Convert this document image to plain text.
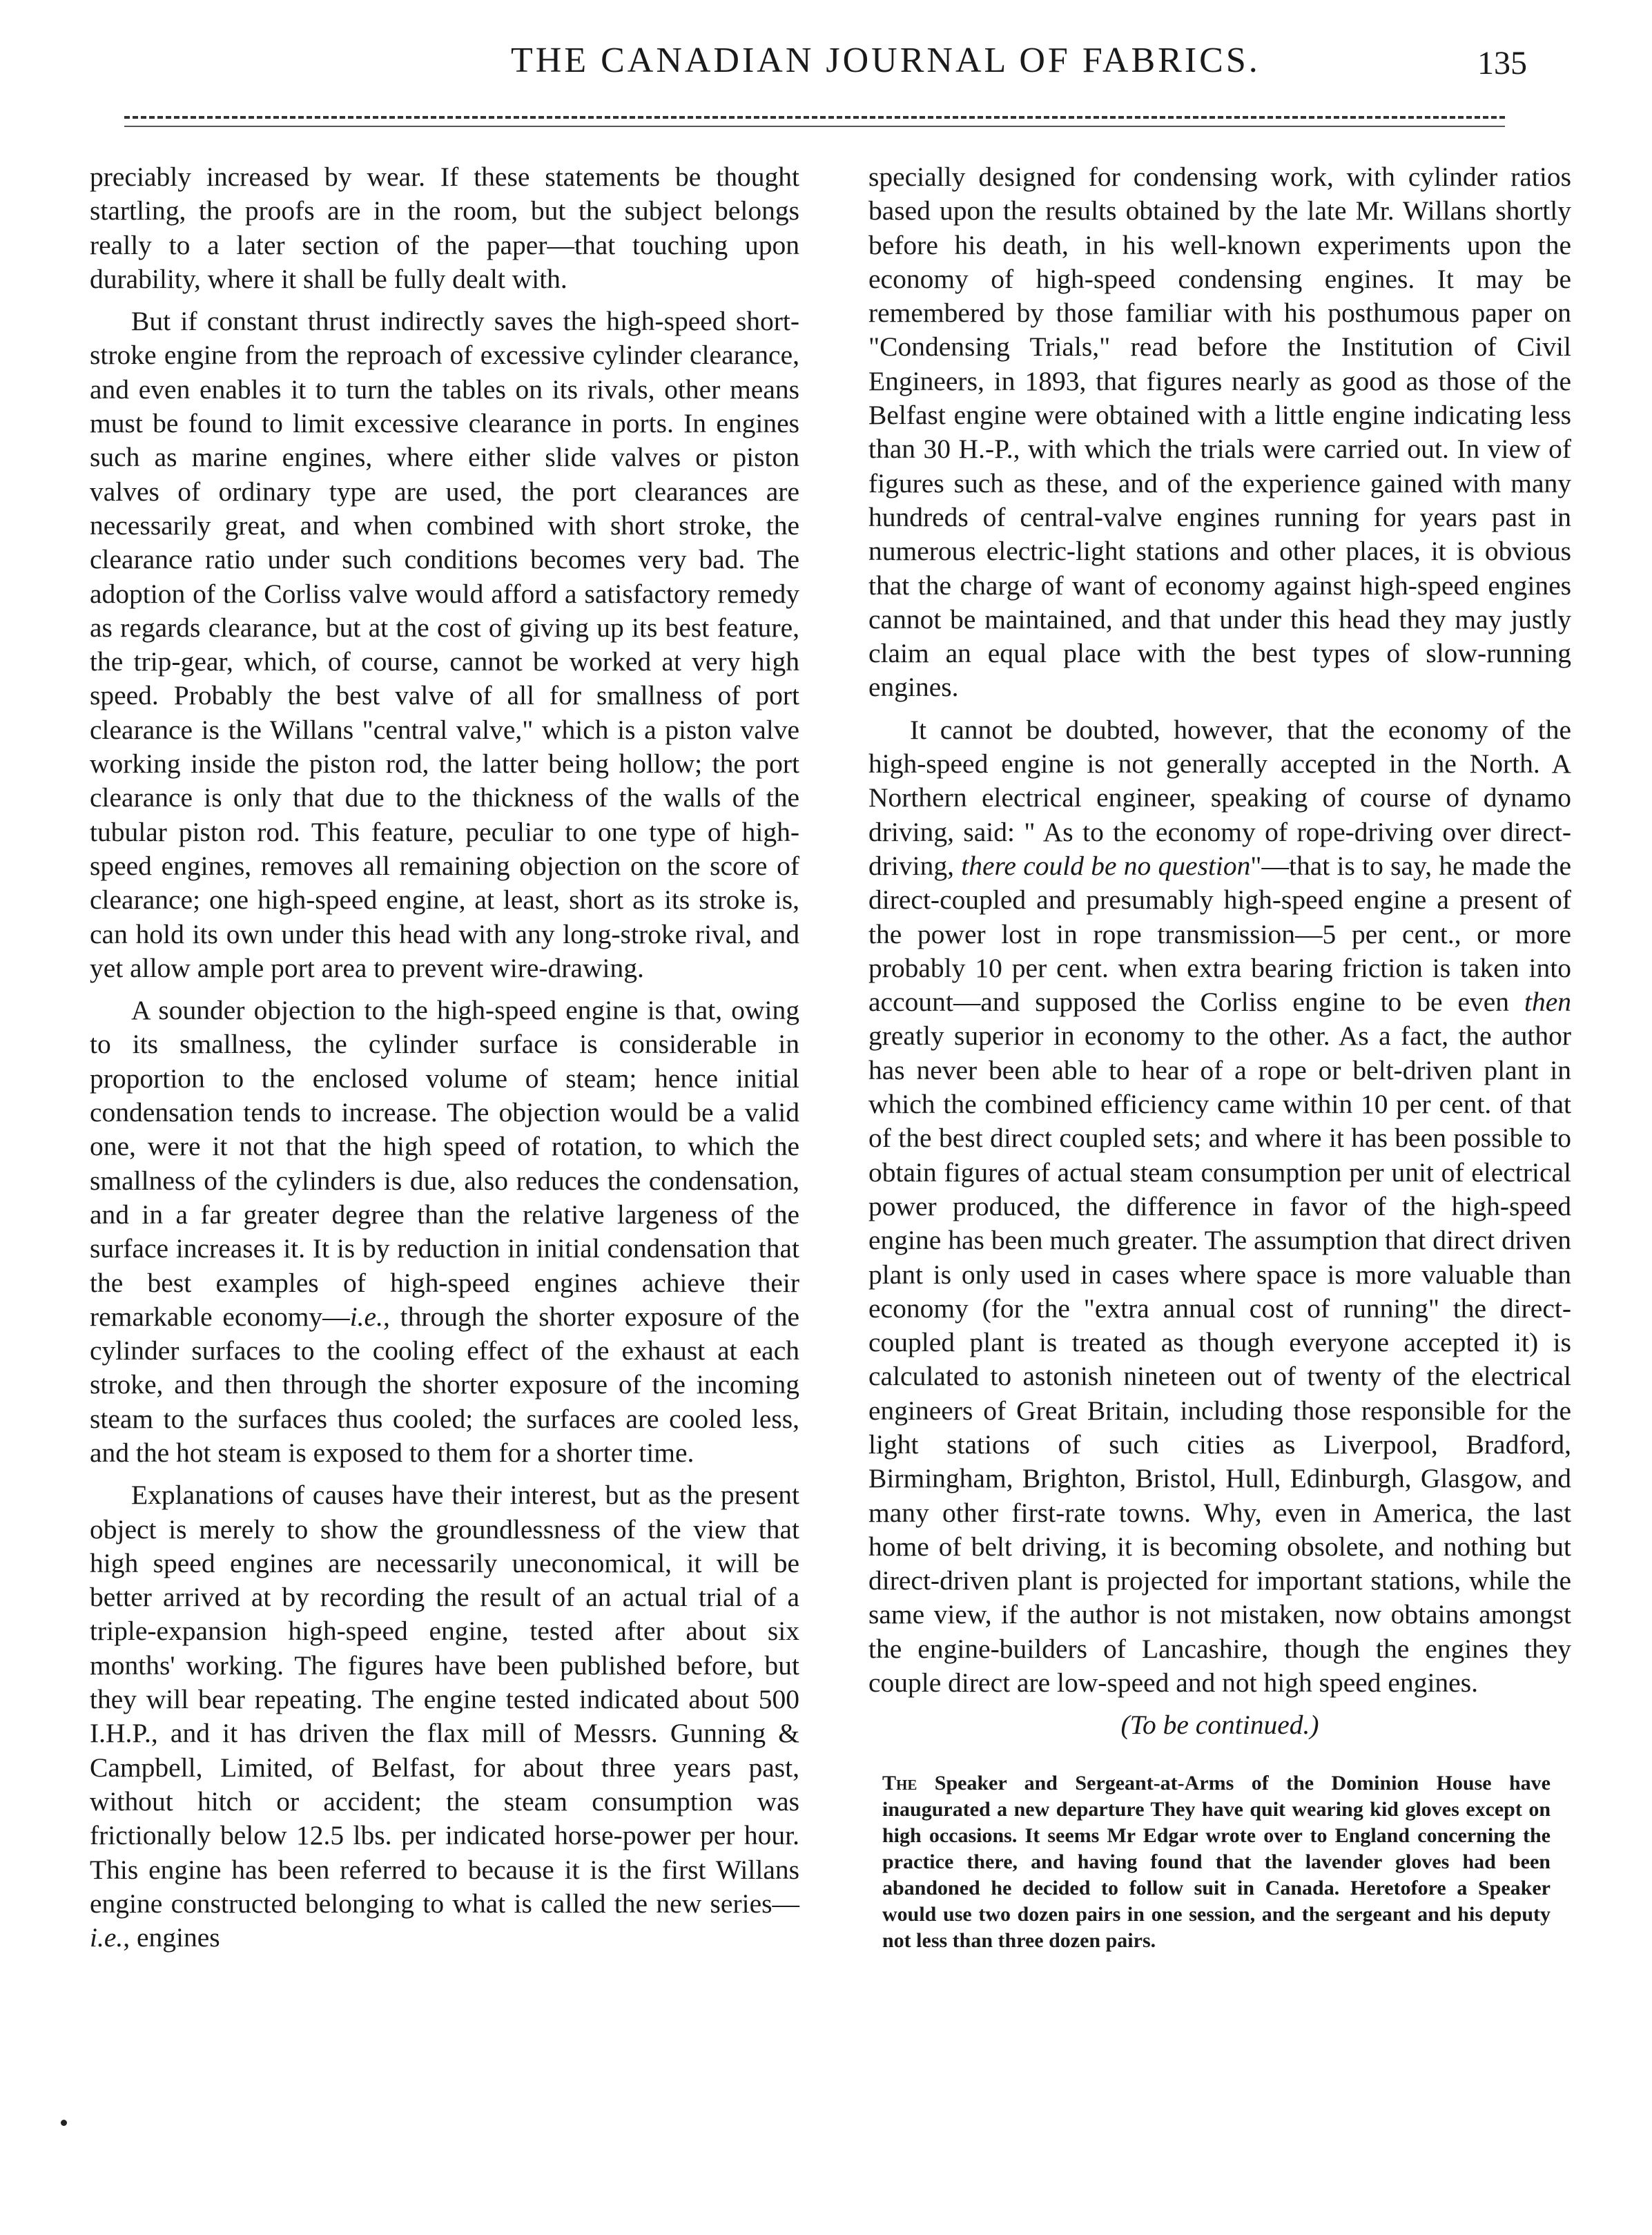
THE CANADIAN JOURNAL OF FABRICS.	135

preciably increased by wear. If these statements be thought startling, the proofs are in the room, but the subject belongs really to a later section of the paper—that touching upon durability, where it shall be fully dealt with.

But if constant thrust indirectly saves the high-speed short-stroke engine from the reproach of excessive cylinder clearance, and even enables it to turn the tables on its rivals, other means must be found to limit excessive clearance in ports. In engines such as marine engines, where either slide valves or piston valves of ordinary type are used, the port clearances are necessarily great, and when combined with short stroke, the clearance ratio under such conditions becomes very bad. The adoption of the Corliss valve would afford a satisfactory remedy as regards clearance, but at the cost of giving up its best feature, the trip-gear, which, of course, cannot be worked at very high speed. Probably the best valve of all for smallness of port clearance is the Willans "central valve," which is a piston valve working inside the piston rod, the latter being hollow; the port clearance is only that due to the thickness of the walls of the tubular piston rod. This feature, peculiar to one type of high-speed engines, removes all remaining objection on the score of clearance; one high-speed engine, at least, short as its stroke is, can hold its own under this head with any long-stroke rival, and yet allow ample port area to prevent wire-drawing.

A sounder objection to the high-speed engine is that, owing to its smallness, the cylinder surface is considerable in proportion to the enclosed volume of steam; hence initial condensation tends to increase. The objection would be a valid one, were it not that the high speed of rotation, to which the smallness of the cylinders is due, also reduces the condensation, and in a far greater degree than the relative largeness of the surface increases it. It is by reduction in initial condensation that the best examples of high-speed engines achieve their remarkable economy—i.e., through the shorter exposure of the cylinder surfaces to the cooling effect of the exhaust at each stroke, and then through the shorter exposure of the incoming steam to the surfaces thus cooled; the surfaces are cooled less, and the hot steam is exposed to them for a shorter time.

Explanations of causes have their interest, but as the present object is merely to show the groundlessness of the view that high speed engines are necessarily uneconomical, it will be better arrived at by recording the result of an actual trial of a triple-expansion high-speed engine, tested after about six months' working. The figures have been published before, but they will bear repeating. The engine tested indicated about 500 I.H.P., and it has driven the flax mill of Messrs. Gunning & Campbell, Limited, of Belfast, for about three years past, without hitch or accident; the steam consumption was frictionally below 12.5 lbs. per indicated horse-power per hour. This engine has been referred to because it is the first Willans engine constructed belonging to what is called the new series—i.e., engines

specially designed for condensing work, with cylinder ratios based upon the results obtained by the late Mr. Willans shortly before his death, in his well-known experiments upon the economy of high-speed condensing engines. It may be remembered by those familiar with his posthumous paper on "Condensing Trials," read before the Institution of Civil Engineers, in 1893, that figures nearly as good as those of the Belfast engine were obtained with a little engine indicating less than 30 H.-P., with which the trials were carried out. In view of figures such as these, and of the experience gained with many hundreds of central-valve engines running for years past in numerous electric-light stations and other places, it is obvious that the charge of want of economy against high-speed engines cannot be maintained, and that under this head they may justly claim an equal place with the best types of slow-running engines.

It cannot be doubted, however, that the economy of the high-speed engine is not generally accepted in the North. A Northern electrical engineer, speaking of course of dynamo driving, said: " As to the economy of rope-driving over direct-driving, there could be no question"—that is to say, he made the direct-coupled and presumably high-speed engine a present of the power lost in rope transmission—5 per cent., or more probably 10 per cent. when extra bearing friction is taken into account—and supposed the Corliss engine to be even then greatly superior in economy to the other. As a fact, the author has never been able to hear of a rope or belt-driven plant in which the combined efficiency came within 10 per cent. of that of the best direct coupled sets; and where it has been possible to obtain figures of actual steam consumption per unit of electrical power produced, the difference in favor of the high-speed engine has been much greater. The assumption that direct driven plant is only used in cases where space is more valuable than economy (for the "extra annual cost of running" the direct-coupled plant is treated as though everyone accepted it) is calculated to astonish nineteen out of twenty of the electrical engineers of Great Britain, including those responsible for the light stations of such cities as Liverpool, Bradford, Birmingham, Brighton, Bristol, Hull, Edinburgh, Glasgow, and many other first-rate towns. Why, even in America, the last home of belt driving, it is becoming obsolete, and nothing but direct-driven plant is projected for important stations, while the same view, if the author is not mistaken, now obtains amongst the engine-builders of Lancashire, though the engines they couple direct are low-speed and not high speed engines.

(To be continued.)

The Speaker and Sergeant-at-Arms of the Dominion House have inaugurated a new departure They have quit wearing kid gloves except on high occasions. It seems Mr Edgar wrote over to England concerning the practice there, and having found that the lavender gloves had been abandoned he decided to follow suit in Canada. Heretofore a Speaker would use two dozen pairs in one session, and the sergeant and his deputy not less than three dozen pairs.
